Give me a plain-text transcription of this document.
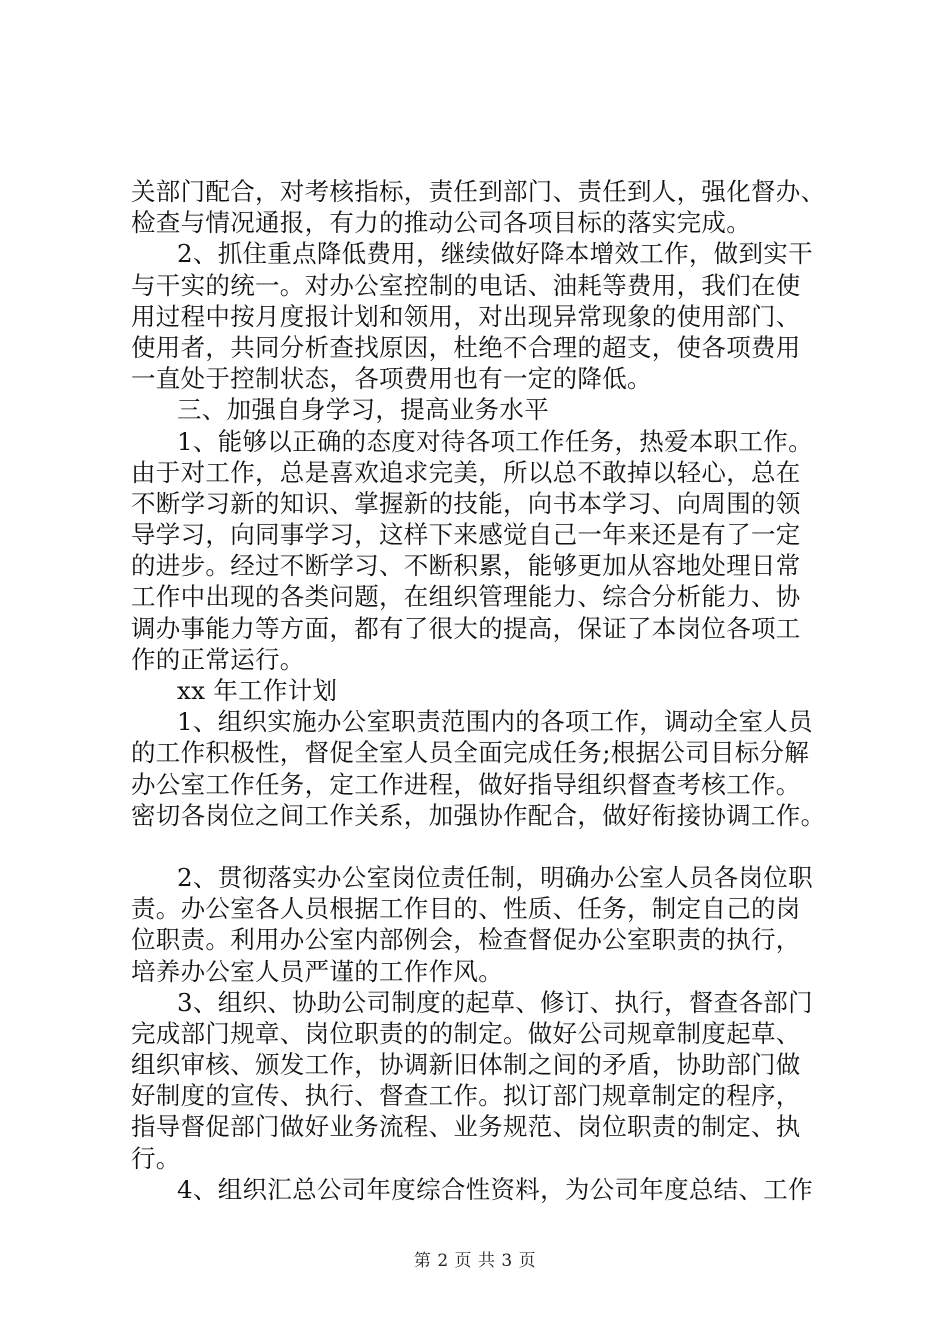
关部门配合，对考核指标，责任到部门、责任到人，强化督办、
检查与情况通报，有力的推动公司各项目标的落实完成。
2、抓住重点降低费用，继续做好降本增效工作，做到实干
与干实的统一。对办公室控制的电话、油耗等费用，我们在使
用过程中按月度报计划和领用，对出现异常现象的使用部门、
使用者，共同分析查找原因，杜绝不合理的超支，使各项费用
一直处于控制状态，各项费用也有一定的降低。
三、加强自身学习，提高业务水平
1、能够以正确的态度对待各项工作任务，热爱本职工作。
由于对工作，总是喜欢追求完美，所以总不敢掉以轻心，总在
不断学习新的知识、掌握新的技能，向书本学习、向周围的领
导学习，向同事学习，这样下来感觉自己一年来还是有了一定
的进步。经过不断学习、不断积累，能够更加从容地处理日常
工作中出现的各类问题，在组织管理能力、综合分析能力、协
调办事能力等方面，都有了很大的提高，保证了本岗位各项工
作的正常运行。
xx 年工作计划
1、组织实施办公室职责范围内的各项工作，调动全室人员
的工作积极性，督促全室人员全面完成任务;根据公司目标分解
办公室工作任务，定工作进程，做好指导组织督查考核工作。
密切各岗位之间工作关系，加强协作配合，做好衔接协调工作。
2、贯彻落实办公室岗位责任制，明确办公室人员各岗位职
责。办公室各人员根据工作目的、性质、任务，制定自己的岗
位职责。利用办公室内部例会，检查督促办公室职责的执行，
培养办公室人员严谨的工作作风。
3、组织、协助公司制度的起草、修订、执行，督查各部门
完成部门规章、岗位职责的的制定。做好公司规章制度起草、
组织审核、颁发工作，协调新旧体制之间的矛盾，协助部门做
好制度的宣传、执行、督查工作。拟订部门规章制定的程序，
指导督促部门做好业务流程、业务规范、岗位职责的制定、执
行。
4、组织汇总公司年度综合性资料，为公司年度总结、工作
第 2 页 共 3 页
